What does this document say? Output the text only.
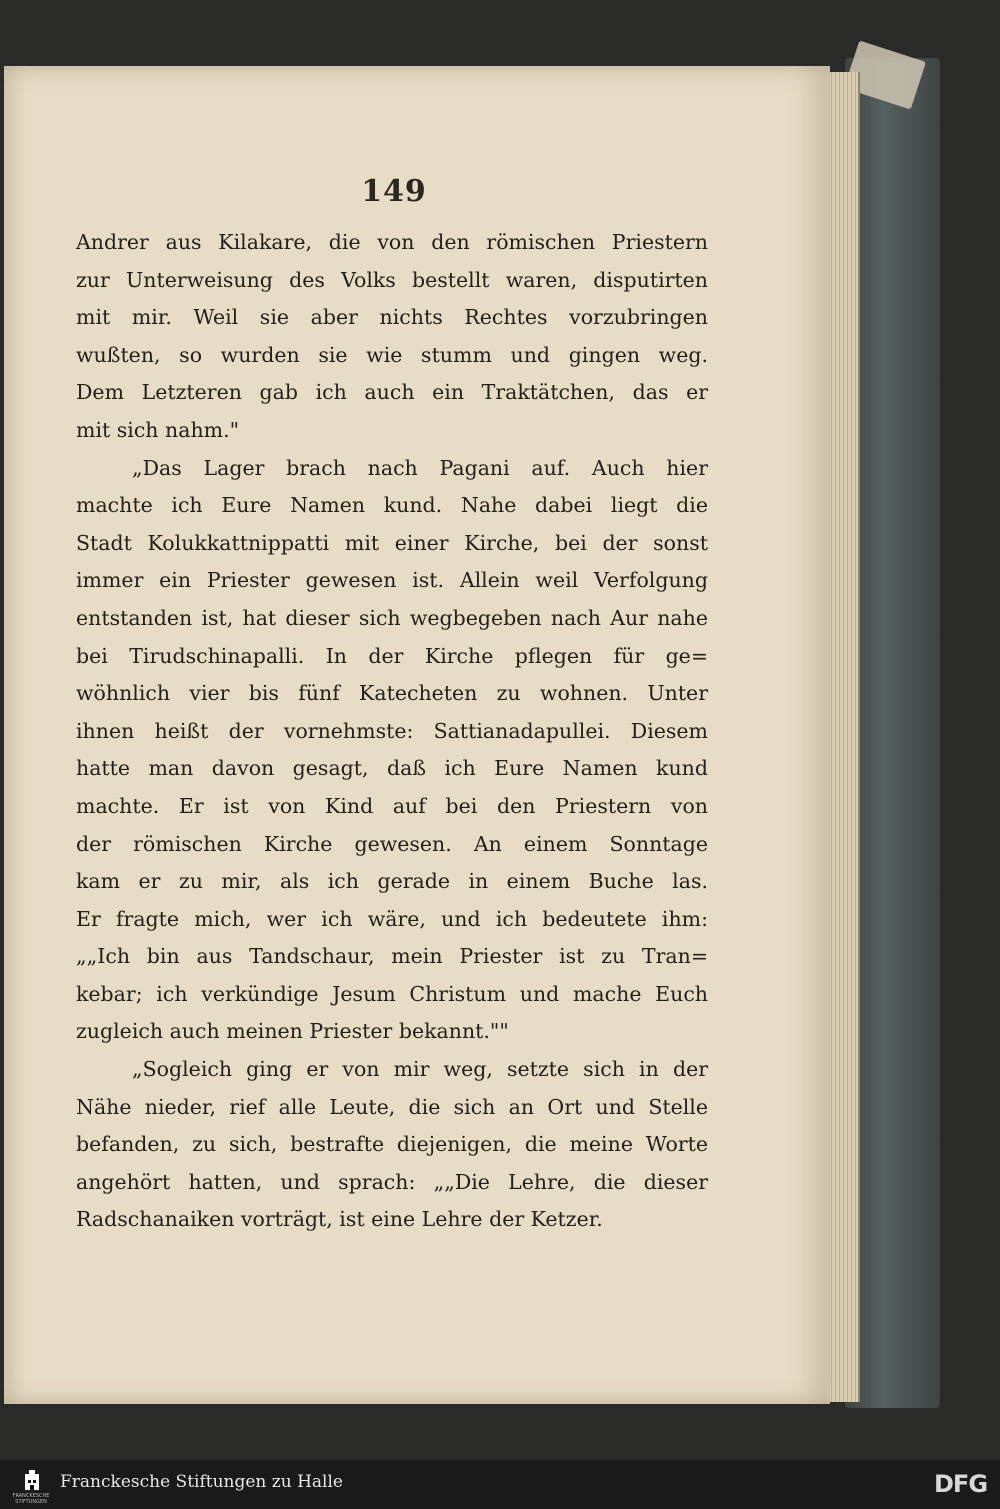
149
Andrer aus Kilakare, die von den römischen Priestern
zur Unterweisung des Volks bestellt waren, disputirten
mit mir. Weil sie aber nichts Rechtes vorzubringen
wußten, so wurden sie wie stumm und gingen weg.
Dem Letzteren gab ich auch ein Traktätchen, das er
mit sich nahm."
„Das Lager brach nach Pagani auf. Auch hier
machte ich Eure Namen kund. Nahe dabei liegt die
Stadt Kolukkattnippatti mit einer Kirche, bei der sonst
immer ein Priester gewesen ist. Allein weil Verfolgung
entstanden ist, hat dieser sich wegbegeben nach Aur nahe
bei Tirudschinapalli. In der Kirche pflegen für ge=
wöhnlich vier bis fünf Katecheten zu wohnen. Unter
ihnen heißt der vornehmste: Sattianadapullei. Diesem
hatte man davon gesagt, daß ich Eure Namen kund
machte. Er ist von Kind auf bei den Priestern von
der römischen Kirche gewesen. An einem Sonntage
kam er zu mir, als ich gerade in einem Buche las.
Er fragte mich, wer ich wäre, und ich bedeutete ihm:
„„Ich bin aus Tandschaur, mein Priester ist zu Tran=
kebar; ich verkündige Jesum Christum und mache Euch
zugleich auch meinen Priester bekannt.""
„Sogleich ging er von mir weg, setzte sich in der
Nähe nieder, rief alle Leute, die sich an Ort und Stelle
befanden, zu sich, bestrafte diejenigen, die meine Worte
angehört hatten, und sprach: „„Die Lehre, die dieser
Radschanaiken vorträgt, ist eine Lehre der Ketzer.
FRANCKESCHE STIFTUNGEN
Franckesche Stiftungen zu Halle	DFG
